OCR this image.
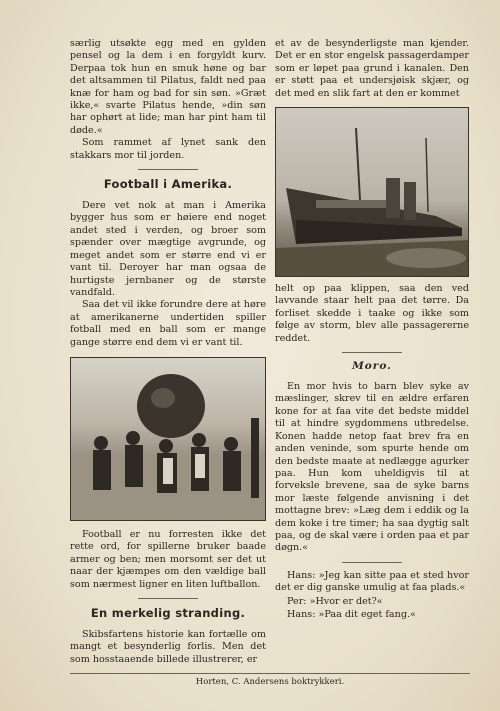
særlig utsøkte egg med en gylden pensel og la dem i en forgyldt kurv. Derpaa tok hun en smuk høne og bar det altsammen til Pilatus, faldt ned paa knæ for ham og bad for sin søn. »Græt ikke,« svarte Pilatus hende, »din søn har ophørt at lide; man har pint ham til døde.«

Som rammet af lynet sank den stakkars mor til jorden.

Football i Amerika.

Dere vet nok at man i Amerika bygger hus som er høiere end noget andet sted i verden, og broer som spænder over mægtige avgrunde, og meget andet som er større end vi er vant til. Deroyer har man ogsaa de hurtigste jernbaner og de største vandfald.

Saa det vil ikke forundre dere at høre at amerikanerne undertiden spiller fotball med en ball som er mange gange større end dem vi er vant til.

Football er nu forresten ikke det rette ord, for spillerne bruker baade armer og ben; men morsomt ser det ut naar der kjæmpes om den vældige ball som nærmest ligner en liten luftballon.

En merkelig stranding.

Skibsfartens historie kan fortælle om mangt et besynderlig forlis. Men det som hosstaaende billede illustrerer, er

et av de besynderligste man kjender. Det er en stor engelsk passagerdamper som er løpet paa grund i kanalen. Den er støtt paa et undersjøisk skjær, og det med en slik fart at den er kommet

helt op paa klippen, saa den ved lavvande staar helt paa det tørre. Da forliset skedde i taake og ikke som følge av storm, blev alle passagererne reddet.

Moro.

En mor hvis to barn blev syke av mæslinger, skrev til en ældre erfaren kone for at faa vite det bedste middel til at hindre sygdommens utbredelse. Konen hadde netop faat brev fra en anden veninde, som spurte hende om den bedste maate at nedlægge agurker paa. Hun kom uheldigvis til at forveksle brevene, saa de syke barns mor læste følgende anvisning i det mottagne brev: »Læg dem i eddik og la dem koke i tre timer; ha saa dygtig salt paa, og de skal være i orden paa et par døgn.«

Hans: »Jeg kan sitte paa et sted hvor det er dig ganske umulig at faa plads.«

Per: »Hvor er det?«

Hans: »Paa dit eget fang.«

Horten, C. Andersens boktrykkeri.
